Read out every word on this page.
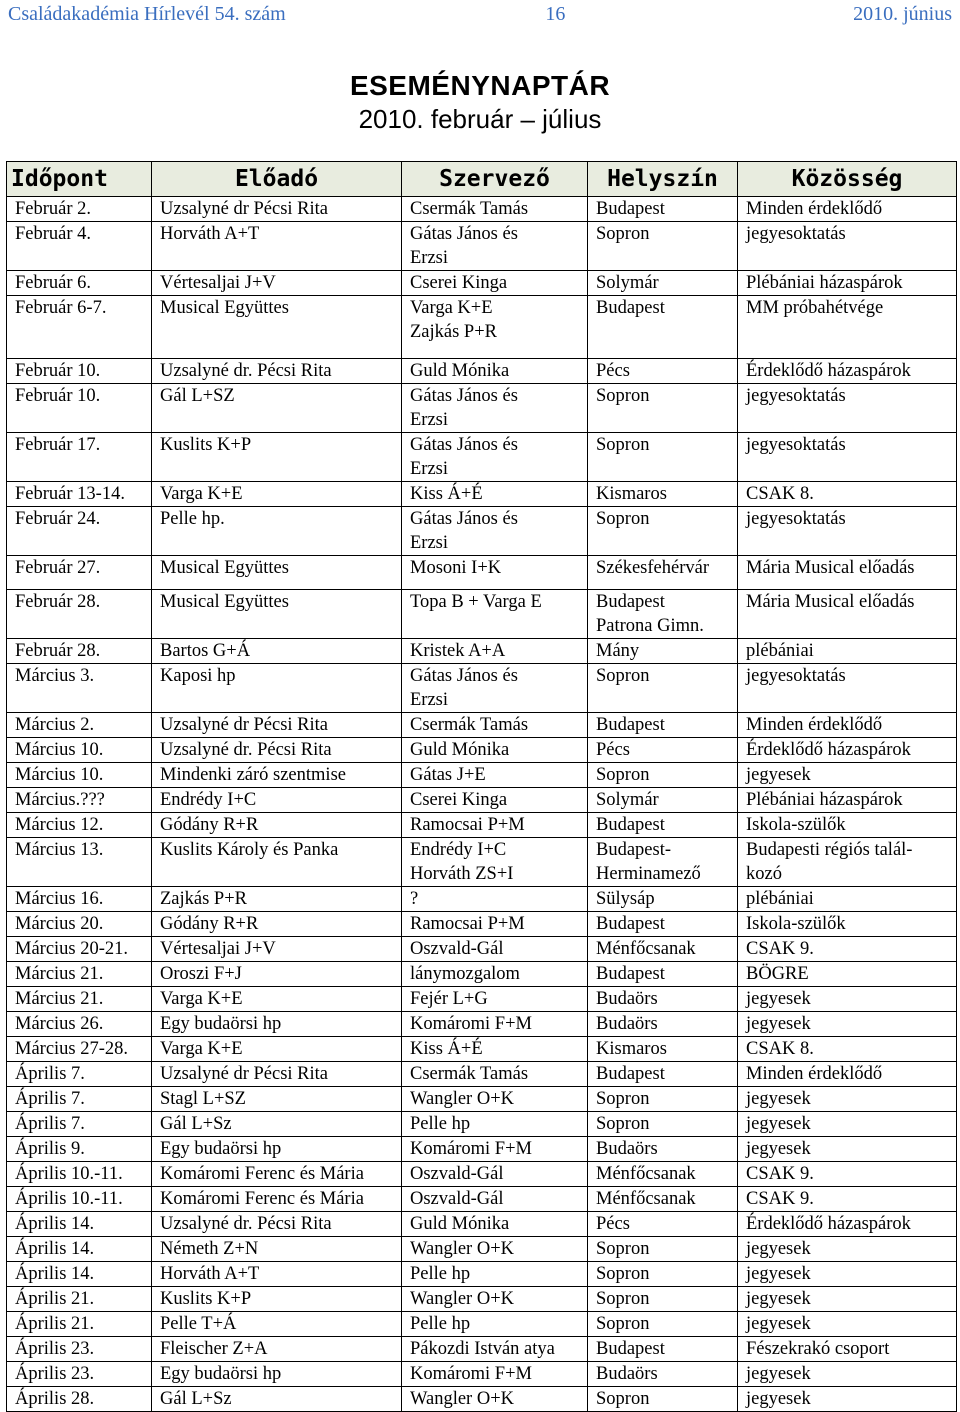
Családakadémia Hírlevél 54. szám	16	2010. június
ESEMÉNYNAPTÁR
2010. február – július
Időpont	Előadó	Szervező	Helyszín	Közösség

Február 2.	Uzsalyné dr Pécsi Rita	Csermák Tamás	Budapest	Minden érdeklődő

Február 4.	Horváth A+T	Gátas János és
Erzsi	Sopron	jegyesoktatás

Február 6.	Vértesaljai J+V	Cserei Kinga	Solymár	Plébániai házaspárok

Február 6-7.	Musical Együttes	Varga K+E
Zajkás P+R	Budapest	MM próbahétvége

Február 10.	Uzsalyné dr. Pécsi Rita	Guld Mónika	Pécs	Érdeklődő házaspárok

Február 10.	Gál L+SZ	Gátas János és
Erzsi	Sopron	jegyesoktatás

Február 17.	Kuslits K+P	Gátas János és
Erzsi	Sopron	jegyesoktatás

Február 13-14.	Varga K+E	Kiss Á+É	Kismaros	CSAK 8.

Február 24.	Pelle hp.	Gátas János és
Erzsi	Sopron	jegyesoktatás

Február 27.	Musical Együttes	Mosoni I+K	Székesfehérvár	Mária Musical előadás

Február 28.	Musical Együttes	Topa B + Varga E	Budapest
Patrona Gimn.	Mária Musical előadás

Február 28.	Bartos G+Á	Kristek A+A	Mány	plébániai

Március 3.	Kaposi hp	Gátas János és
Erzsi	Sopron	jegyesoktatás

Március 2.	Uzsalyné dr Pécsi Rita	Csermák Tamás	Budapest	Minden érdeklődő

Március 10.	Uzsalyné dr. Pécsi Rita	Guld Mónika	Pécs	Érdeklődő házaspárok

Március 10.	Mindenki záró szentmise	Gátas J+E	Sopron	jegyesek

Március.???	Endrédy I+C	Cserei Kinga	Solymár	Plébániai házaspárok

Március 12.	Gódány R+R	Ramocsai P+M	Budapest	Iskola-szülők

Március 13.	Kuslits Károly és Panka	Endrédy I+C
Horváth ZS+I	Budapest-
Herminamező	Budapesti régiós talál-
kozó

Március 16.	Zajkás P+R	?	Sülysáp	plébániai

Március 20.	Gódány R+R	Ramocsai P+M	Budapest	Iskola-szülők

Március 20-21.	Vértesaljai J+V	Oszvald-Gál	Ménfőcsanak	CSAK 9.

Március 21.	Oroszi F+J	lánymozgalom	Budapest	BÖGRE

Március 21.	Varga K+E	Fejér L+G	Budaörs	jegyesek

Március 26.	Egy budaörsi hp	Komáromi F+M	Budaörs	jegyesek

Március 27-28.	Varga K+E	Kiss Á+É	Kismaros	CSAK 8.

Április 7.	Uzsalyné dr Pécsi Rita	Csermák Tamás	Budapest	Minden érdeklődő

Április 7.	Stagl L+SZ	Wangler O+K	Sopron	jegyesek

Április 7.	Gál L+Sz	Pelle hp	Sopron	jegyesek

Április 9.	Egy budaörsi hp	Komáromi F+M	Budaörs	jegyesek

Április 10.-11.	Komáromi Ferenc és Mária	Oszvald-Gál	Ménfőcsanak	CSAK 9.

Április 10.-11.	Komáromi Ferenc és Mária	Oszvald-Gál	Ménfőcsanak	CSAK 9.

Április 14.	Uzsalyné dr. Pécsi Rita	Guld Mónika	Pécs	Érdeklődő házaspárok

Április 14.	Németh Z+N	Wangler O+K	Sopron	jegyesek

Április 14.	Horváth A+T	Pelle hp	Sopron	jegyesek

Április 21.	Kuslits K+P	Wangler O+K	Sopron	jegyesek

Április 21.	Pelle T+Á	Pelle hp	Sopron	jegyesek

Április 23.	Fleischer Z+A	Pákozdi István atya	Budapest	Fészekrakó csoport

Április 23.	Egy budaörsi hp	Komáromi F+M	Budaörs	jegyesek

Április 28.	Gál L+Sz	Wangler O+K	Sopron	jegyesek
